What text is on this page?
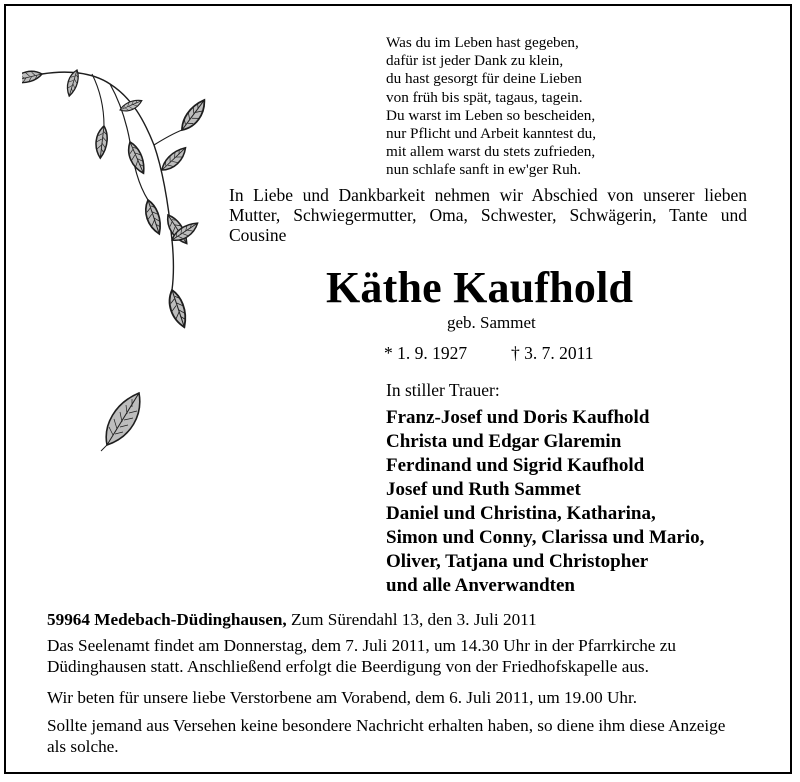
Was du im Leben hast gegeben,
dafür ist jeder Dank zu klein,
du hast gesorgt für deine Lieben
von früh bis spät, tagaus, tagein.
Du warst im Leben so bescheiden,
nur Pflicht und Arbeit kanntest du,
mit allem warst du stets zufrieden,
nun schlafe sanft in ew'ger Ruh.

In Liebe und Dankbarkeit nehmen wir Abschied von unserer lieben Mutter, Schwiegermutter, Oma, Schwester, Schwägerin, Tante und Cousine

Käthe Kaufhold
geb. Sammet
* 1. 9. 1927	† 3. 7. 2011
In stiller Trauer:
Franz-Josef und Doris Kaufhold
Christa und Edgar Glaremin
Ferdinand und Sigrid Kaufhold
Josef und Ruth Sammet
Daniel und Christina, Katharina,
Simon und Conny, Clarissa und Mario,
Oliver, Tatjana und Christopher
und alle Anverwandten
59964 Medebach-Düdinghausen, Zum Sürendahl 13, den 3. Juli 2011

Das Seelenamt findet am Donnerstag, dem 7. Juli 2011, um 14.30 Uhr in der Pfarrkirche zu Düdinghausen statt. Anschließend erfolgt die Beerdigung von der Friedhofskapelle aus.

Wir beten für unsere liebe Verstorbene am Vorabend, dem 6. Juli 2011, um 19.00 Uhr.

Sollte jemand aus Versehen keine besondere Nachricht erhalten haben, so diene ihm diese Anzeige als solche.
